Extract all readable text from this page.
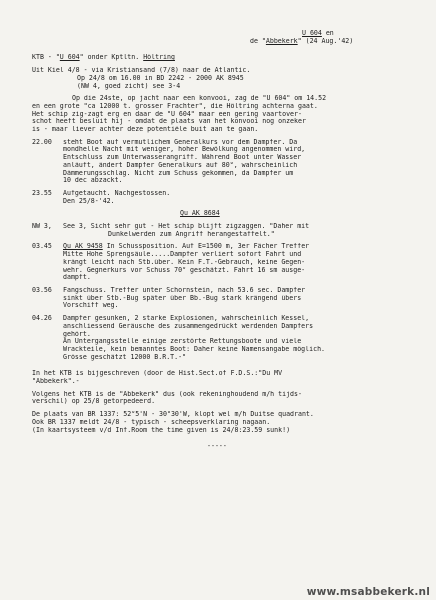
U 604 en
de "Abbekerk" (24 Aug.'42)
KTB - "U 604" onder Kptltn. Höltring
Uit Kiel 4/8 - via Kristiansand (7/8) naar de Atlantic.
Op 24/8 om 16.00 in BD 2242 - 2000 AK 8945
(NW 4, goed zicht) see 3-4
Op die 24ste, op jacht naar een konvooi, zag de "U 604" om 14.52
en een grote "ca 12000 t. grosser Frachter", die Höltring achterna gaat.
Het schip zig-zagt erg en daar de "U 604" maar een gering vaartover-
schot heeft besluit hij - omdat de plaats van het konvooi nog onzeker
is - maar liever achter deze potentiële buit aan te gaan.
22.00	steht Boot auf vermutlichem Generalkurs vor dem Dampfer. Da
mondhelle Nacht mit weniger, hoher Bewölkung angenommen wird,
Entschluss zum Unterwasserangriff. Während Boot unter Wasser
anläuft, ändert Dampfer Generalkurs auf 80°, wahrscheinlich
Dämmerungsschlag. Nicht zum Schuss gekommen, da Dampfer um
10 dec abzackt.
23.55	Aufgetaucht. Nachgestossen.
Den 25/8-'42.
Qu AK 8684
NW 3,	See 3, Sicht sehr gut - Het schip blijft zigzaggen. "Daher mit
Dunkelwerden zum Angriff herangestaffelt."
03.45	Qu AK 9458 In Schussposition. Auf E=1500 m, 3er Fächer Treffer
Mitte Hohe Sprengsäule.....Dampfer verliert sofort Fahrt und
krängt leicht nach Stb.über. Kein F.T.-Gebrauch, keine Gegen-
wehr. Gegnerkurs vor Schuss 70° geschätzt. Fahrt 16 sm ausge-
dampft.
03.56	Fangschuss. Treffer unter Schornstein, nach 53.6 sec. Dampfer
sinkt über Stb.-Bug später über Bb.-Bug stark krängend übers
Vorschiff weg.
04.26	Dampfer gesunken, 2 starke Explosionen, wahrscheinlich Kessel,
anschliessend Geräusche des zusammengedrückt werdenden Dampfers
gehört.
An Untergangsstelle einige zerstörte Rettungsboote und viele
Wrackteile, kein bemanntes Boot: Daher keine Namensangabe möglich.
Grösse geschätzt 12000 B.R.T.-"
In het KTB is bijgeschreven (door de Hist.Sect.of F.D.S.:"Du MV
"Abbekerk".-
Volgens het KTB is de "Abbekerk" dus (ook rekeninghoudend m/h tijds-
verschil) op 25/8 getorpedeerd.
De plaats van BR 1337: 52°5'N - 30°30'W, klopt wel m/h Duitse quadrant.
Ook BR 1337 meldt 24/8 - typisch - scheepsverklaring nagaan.
(In kaartsysteem v/d Inf.Room the time given is 24/8:23.59 sunk!)
-----
www.msabbekerk.nl
